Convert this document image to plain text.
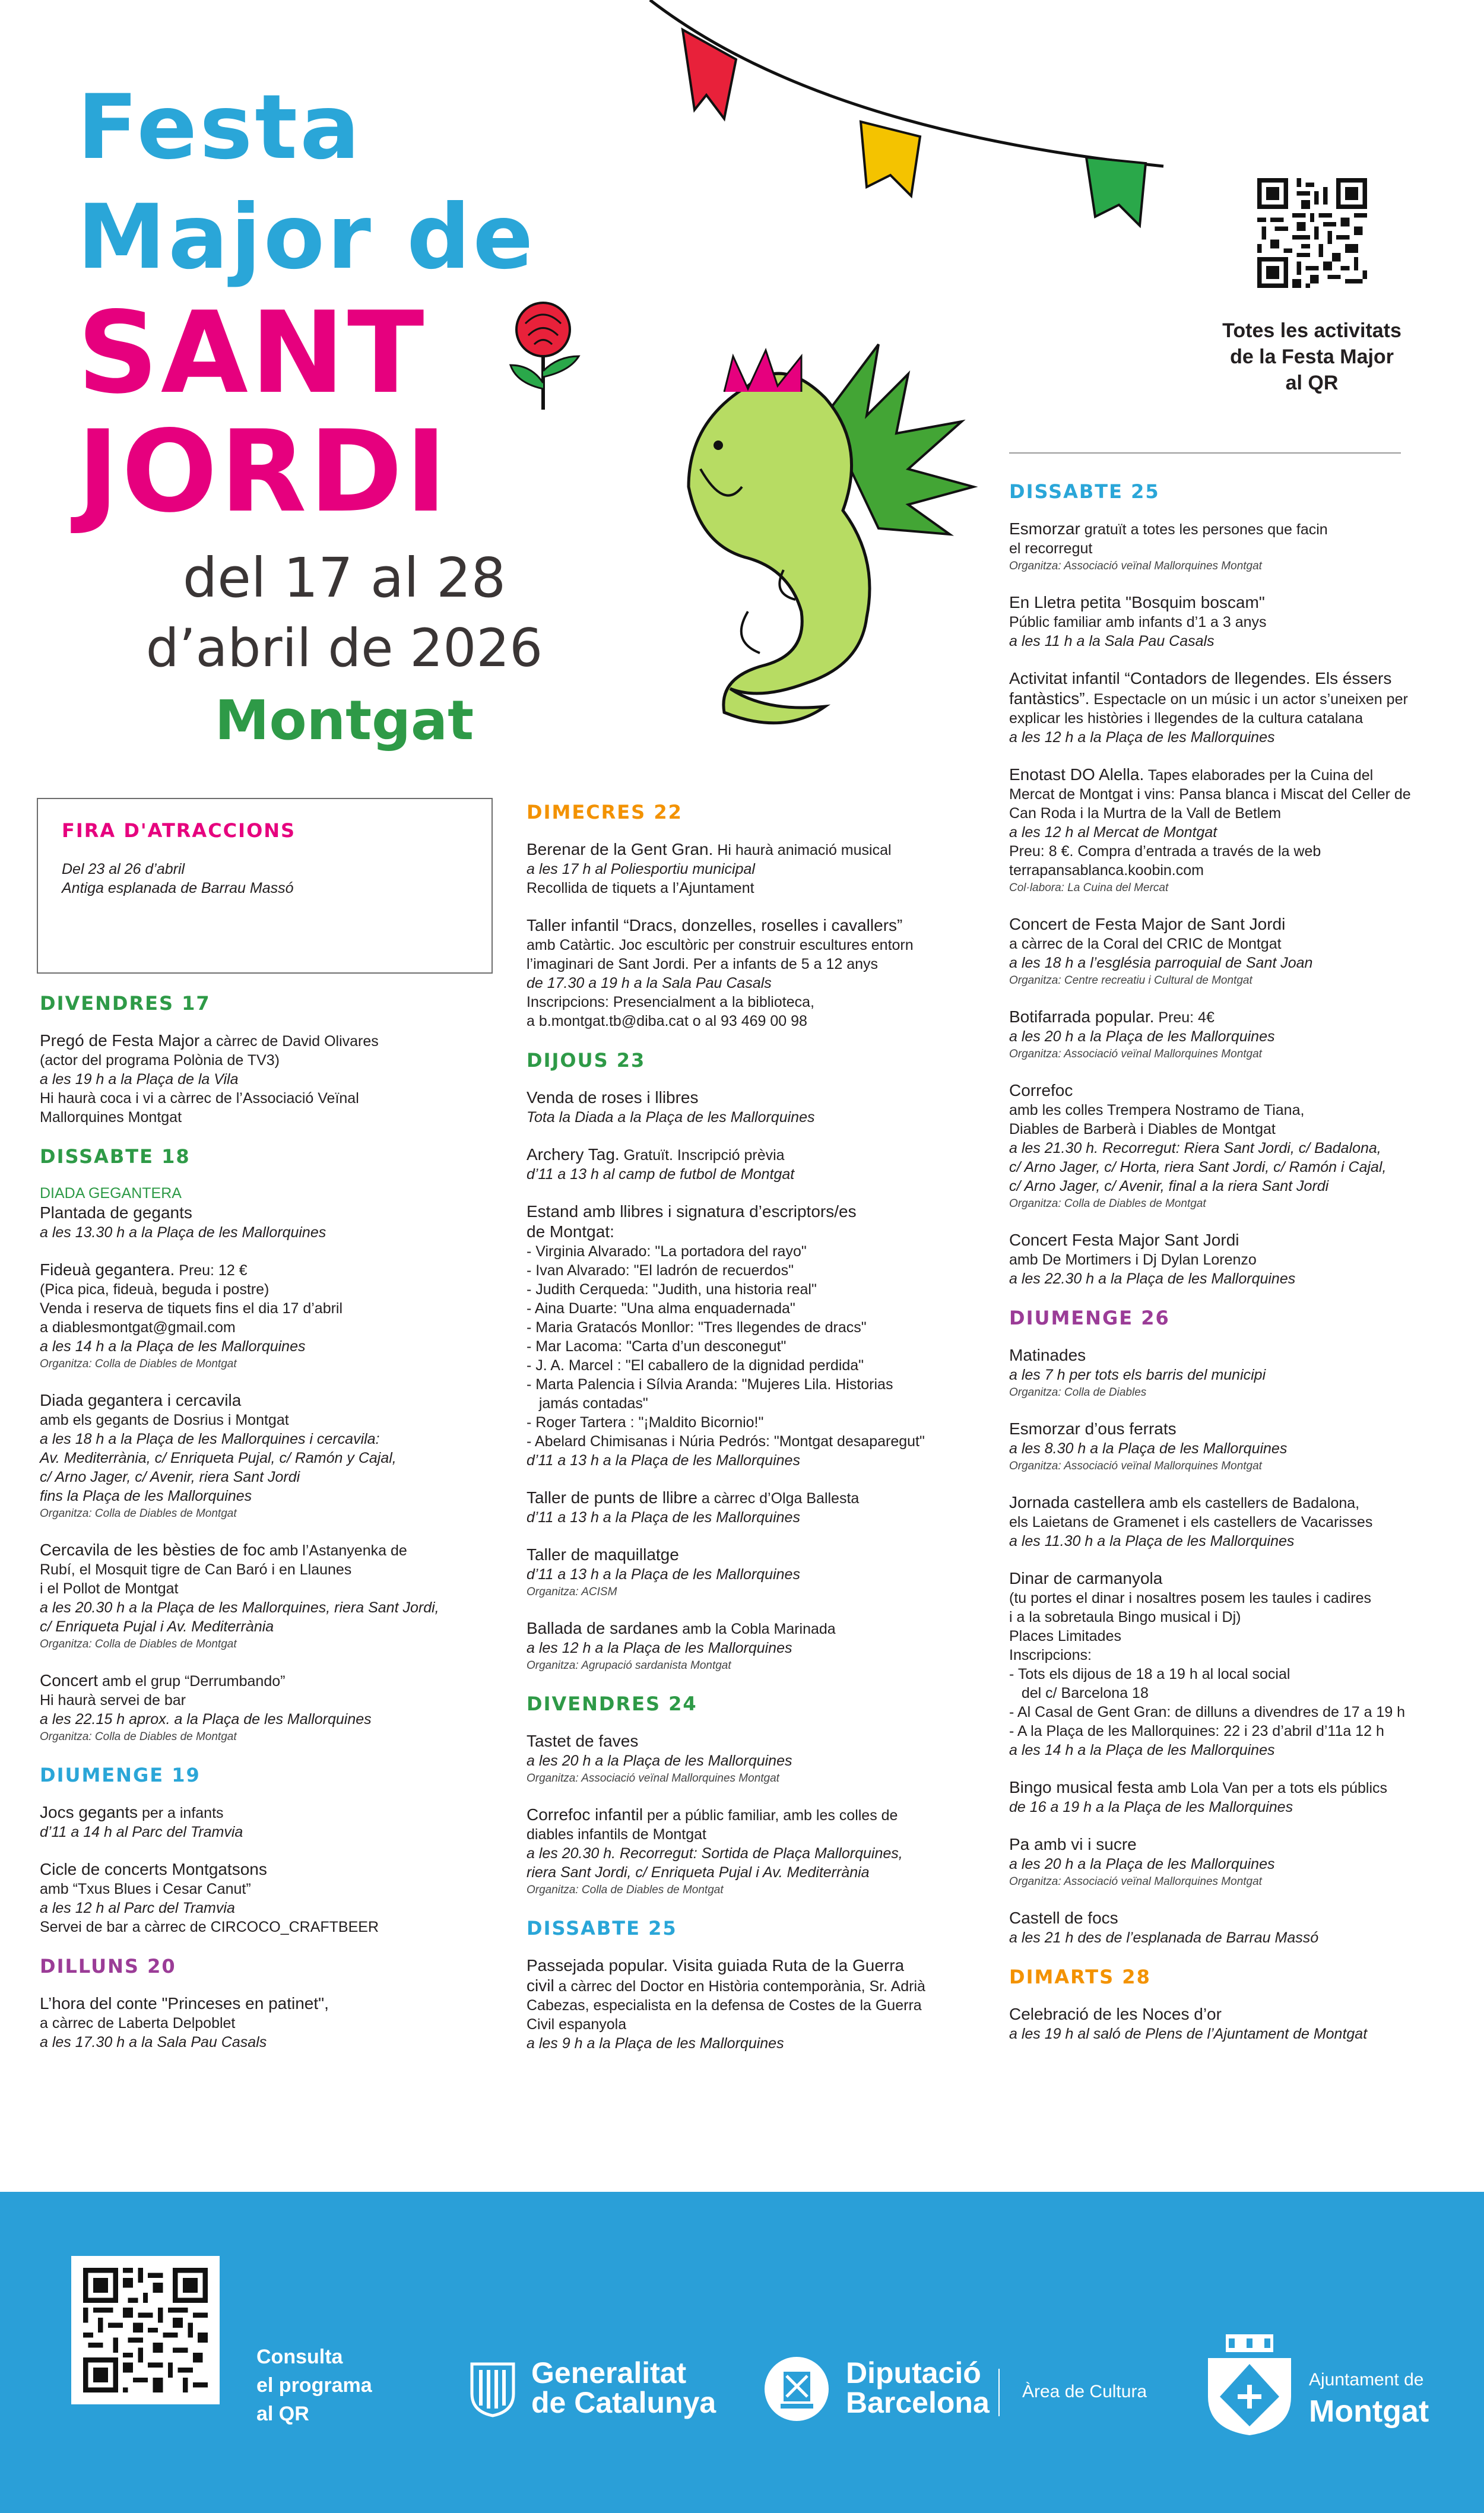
Festa
Major de
SANT
JORDI
del 17 al 28
d’abril de 2026
Montgat
Totes les activitats
de la Festa Major
al QR
FIRA D'ATRACCIONS
Del 23 al 26 d’abril
Antiga esplanada de Barrau Massó
DIVENDRES 17
Pregó de Festa Major a càrrec de David Olivares
(actor del programa Polònia de TV3)
a les 19 h a la Plaça de la Vila
Hi haurà coca i vi a càrrec de l’Associació Veïnal
Mallorquines Montgat
DISSABTE 18
DIADA GEGANTERA
Plantada de gegants
a les 13.30 h a la Plaça de les Mallorquines
Fideuà gegantera. Preu: 12 €
(Pica pica, fideuà, beguda i postre)
Venda i reserva de tiquets fins el dia 17 d’abril
a diablesmontgat@gmail.com
a les 14 h a la Plaça de les Mallorquines
Organitza: Colla de Diables de Montgat
Diada gegantera i cercavila
amb els gegants de Dosrius i Montgat
a les 18 h a la Plaça de les Mallorquines i cercavila:
Av. Mediterrània, c/ Enriqueta Pujal, c/ Ramón y Cajal,
c/ Arno Jager, c/ Avenir, riera Sant Jordi
fins la Plaça de les Mallorquines
Organitza: Colla de Diables de Montgat
Cercavila de les bèsties de foc amb l’Astanyenka de
Rubí, el Mosquit tigre de Can Baró i en Llaunes
i el Pollot de Montgat
a les 20.30 h a la Plaça de les Mallorquines, riera Sant Jordi,
c/ Enriqueta Pujal i Av. Mediterrània
Organitza: Colla de Diables de Montgat
Concert amb el grup “Derrumbando”
Hi haurà servei de bar
a les 22.15 h aprox. a la Plaça de les Mallorquines
Organitza: Colla de Diables de Montgat
DIUMENGE 19
Jocs gegants per a infants
d’11 a 14 h al Parc del Tramvia
Cicle de concerts Montgatsons
amb “Txus Blues i Cesar Canut”
a les 12 h al Parc del Tramvia
Servei de bar a càrrec de CIRCOCO_CRAFTBEER
DILLUNS 20
L’hora del conte "Princeses en patinet",
a càrrec de Laberta Delpoblet
a les 17.30 h a la Sala Pau Casals
DIMECRES 22
Berenar de la Gent Gran. Hi haurà animació musical
a les 17 h al Poliesportiu municipal
Recollida de tiquets a l’Ajuntament
Taller infantil “Dracs, donzelles, roselles i cavallers”
amb Catàrtic. Joc escultòric per construir escultures entorn
l’imaginari de Sant Jordi. Per a infants de 5 a 12 anys
de 17.30 a 19 h a la Sala Pau Casals
Inscripcions: Presencialment a la biblioteca,
a b.montgat.tb@diba.cat o al 93 469 00 98
DIJOUS 23
Venda de roses i llibres
Tota la Diada a la Plaça de les Mallorquines
Archery Tag. Gratuït. Inscripció prèvia
d’11 a 13 h al camp de futbol de Montgat
Estand amb llibres i signatura d’escriptors/es
de Montgat:
- Virginia Alvarado: "La portadora del rayo"
- Ivan Alvarado: "El ladrón de recuerdos"
- Judith Cerqueda: "Judith, una historia real"
- Aina Duarte: "Una alma enquadernada"
- Maria Gratacós Monllor: "Tres llegendes de dracs"
- Mar Lacoma: "Carta d’un desconegut"
- J. A. Marcel : "El caballero de la dignidad perdida"
- Marta Palencia i Sílvia Aranda: "Mujeres Lila. Historias
jamás contadas"
- Roger Tartera : "¡Maldito Bicornio!"
- Abelard Chimisanas i Núria Pedrós: "Montgat desaparegut"
d’11 a 13 h a la Plaça de les Mallorquines
Taller de punts de llibre a càrrec d’Olga Ballesta
d’11 a 13 h a la Plaça de les Mallorquines
Taller de maquillatge
d’11 a 13 h a la Plaça de les Mallorquines
Organitza: ACISM
Ballada de sardanes amb la Cobla Marinada
a les 12 h a la Plaça de les Mallorquines
Organitza: Agrupació sardanista Montgat
DIVENDRES 24
Tastet de faves
a les 20 h a la Plaça de les Mallorquines
Organitza: Associació veïnal Mallorquines Montgat
Correfoc infantil per a públic familiar, amb les colles de
diables infantils de Montgat
a les 20.30 h. Recorregut: Sortida de Plaça Mallorquines,
riera Sant Jordi, c/ Enriqueta Pujal i Av. Mediterrània
Organitza: Colla de Diables de Montgat
DISSABTE 25
Passejada popular. Visita guiada Ruta de la Guerra
civil a càrrec del Doctor en Història contemporània, Sr. Adrià
Cabezas, especialista en la defensa de Costes de la Guerra
Civil espanyola
a les 9 h a la Plaça de les Mallorquines
DISSABTE 25
Esmorzar gratuït a totes les persones que facin
el recorregut
Organitza: Associació veïnal Mallorquines Montgat
En Lletra petita "Bosquim boscam"
Públic familiar amb infants d’1 a 3 anys
a les 11 h a la Sala Pau Casals
Activitat infantil “Contadors de llegendes. Els éssers
fantàstics”. Espectacle on un músic i un actor s’uneixen per
explicar les històries i llegendes de la cultura catalana
a les 12 h a la Plaça de les Mallorquines
Enotast DO Alella. Tapes elaborades per la Cuina del
Mercat de Montgat i vins: Pansa blanca i Miscat del Celler de
Can Roda i la Murtra de la Vall de Betlem
a les 12 h al Mercat de Montgat
Preu: 8 €. Compra d’entrada a través de la web
terrapansablanca.koobin.com
Col·labora: La Cuina del Mercat
Concert de Festa Major de Sant Jordi
a càrrec de la Coral del CRIC de Montgat
a les 18 h a l’església parroquial de Sant Joan
Organitza: Centre recreatiu i Cultural de Montgat
Botifarrada popular. Preu: 4€
a les 20 h a la Plaça de les Mallorquines
Organitza: Associació veïnal Mallorquines Montgat
Correfoc
amb les colles Trempera Nostramo de Tiana,
Diables de Barberà i Diables de Montgat
a les 21.30 h. Recorregut: Riera Sant Jordi, c/ Badalona,
c/ Arno Jager, c/ Horta, riera Sant Jordi, c/ Ramón i Cajal,
c/ Arno Jager, c/ Avenir, final a la riera Sant Jordi
Organitza: Colla de Diables de Montgat
Concert Festa Major Sant Jordi
amb De Mortimers i Dj Dylan Lorenzo
a les 22.30 h a la Plaça de les Mallorquines
DIUMENGE 26
Matinades
a les 7 h per tots els barris del municipi
Organitza: Colla de Diables
Esmorzar d’ous ferrats
a les 8.30 h a la Plaça de les Mallorquines
Organitza: Associació veïnal Mallorquines Montgat
Jornada castellera amb els castellers de Badalona,
els Laietans de Gramenet i els castellers de Vacarisses
a les 11.30 h a la Plaça de les Mallorquines
Dinar de carmanyola
(tu portes el dinar i nosaltres posem les taules i cadires
i a la sobretaula Bingo musical i Dj)
Places Limitades
Inscripcions:
- Tots els dijous de 18 a 19 h al local social
del c/ Barcelona 18
- Al Casal de Gent Gran: de dilluns a divendres de 17 a 19 h
- A la Plaça de les Mallorquines: 22 i 23 d’abril d’11a 12 h
a les 14 h a la Plaça de les Mallorquines
Bingo musical festa amb Lola Van per a tots els públics
de 16 a 19 h a la Plaça de les Mallorquines
Pa amb vi i sucre
a les 20 h a la Plaça de les Mallorquines
Organitza: Associació veïnal Mallorquines Montgat
Castell de focs
a les 21 h des de l’esplanada de Barrau Massó
DIMARTS 28
Celebració de les Noces d’or
a les 19 h al saló de Plens de l’Ajuntament de Montgat
Consulta
el programa
al QR
Generalitat
de Catalunya
Diputació
Barcelona Àrea de Cultura
Ajuntament de
Montgat
